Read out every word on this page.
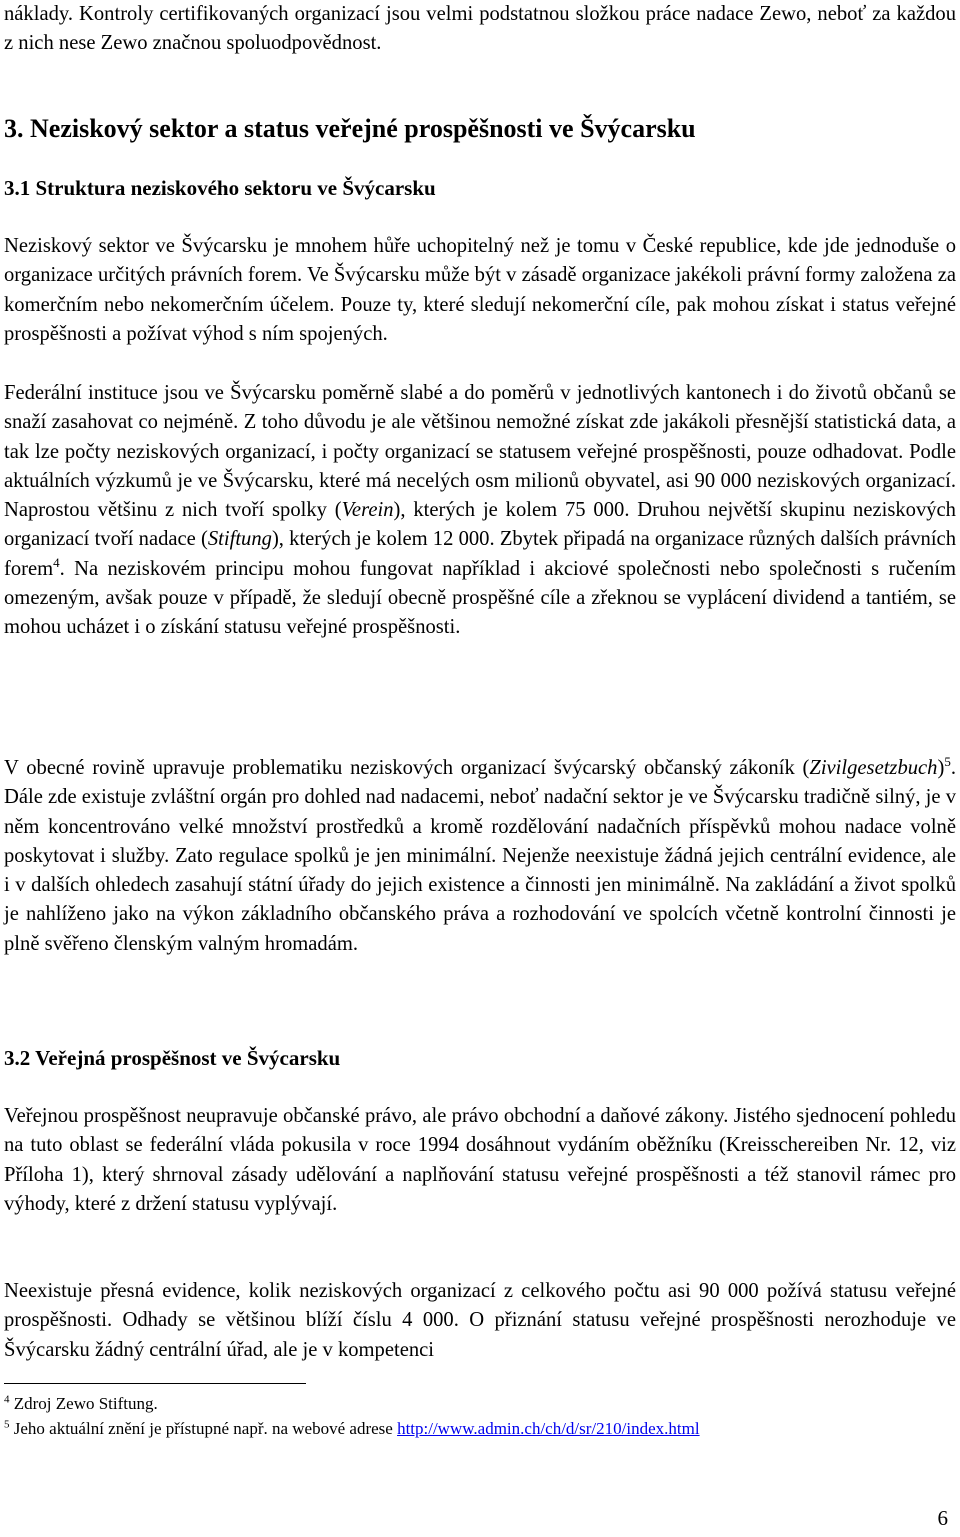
náklady. Kontroly certifikovaných organizací jsou velmi podstatnou složkou práce nadace Zewo, neboť za každou z nich nese Zewo značnou spoluodpovědnost.

3. Neziskový sektor a status veřejné prospěšnosti ve Švýcarsku
3.1 Struktura neziskového sektoru ve Švýcarsku

Neziskový sektor ve Švýcarsku je mnohem hůře uchopitelný než je tomu v České republice, kde jde jednoduše o organizace určitých právních forem. Ve Švýcarsku může být v zásadě organizace jakékoli právní formy založena za komerčním nebo nekomerčním účelem. Pouze ty, které sledují nekomerční cíle, pak mohou získat i status veřejné prospěšnosti a požívat výhod s ním spojených.

Federální instituce jsou ve Švýcarsku poměrně slabé a do poměrů v jednotlivých kantonech i do životů občanů se snaží zasahovat co nejméně. Z toho důvodu je ale většinou nemožné získat zde jakákoli přesnější statistická data, a tak lze počty neziskových organizací, i počty organizací se statusem veřejné prospěšnosti, pouze odhadovat. Podle aktuálních výzkumů je ve Švýcarsku, které má necelých osm milionů obyvatel, asi 90 000 neziskových organizací. Naprostou většinu z nich tvoří spolky (Verein), kterých je kolem 75 000. Druhou největší skupinu neziskových organizací tvoří nadace (Stiftung), kterých je kolem 12 000. Zbytek připadá na organizace různých dalších právních forem$^4$. Na neziskovém principu mohou fungovat například i akciové společnosti nebo společnosti s ručením omezeným, avšak pouze v případě, že sledují obecně prospěšné cíle a zřeknou se vyplácení dividend a tantiém, se mohou ucházet i o získání statusu veřejné prospěšnosti.

V obecné rovině upravuje problematiku neziskových organizací švýcarský občanský zákoník (Zivilgesetzbuch)$^5$. Dále zde existuje zvláštní orgán pro dohled nad nadacemi, neboť nadační sektor je ve Švýcarsku tradičně silný, je v něm koncentrováno velké množství prostředků a kromě rozdělování nadačních příspěvků mohou nadace volně poskytovat i služby. Zato regulace spolků je jen minimální. Nejenže neexistuje žádná jejich centrální evidence, ale i v dalších ohledech zasahují státní úřady do jejich existence a činnosti jen minimálně. Na zakládání a život spolků je nahlíženo jako na výkon základního občanského práva a rozhodování ve spolcích včetně kontrolní činnosti je plně svěřeno členským valným hromadám.

3.2 Veřejná prospěšnost ve Švýcarsku

Veřejnou prospěšnost neupravuje občanské právo, ale právo obchodní a daňové zákony. Jistého sjednocení pohledu na tuto oblast se federální vláda pokusila v roce 1994 dosáhnout vydáním oběžníku (Kreisschereiben Nr. 12, viz Příloha 1), který shrnoval zásady udělování a naplňování statusu veřejné prospěšnosti a též stanovil rámec pro výhody, které z držení statusu vyplývají.

Neexistuje přesná evidence, kolik neziskových organizací z celkového počtu asi 90 000 požívá statusu veřejné prospěšnosti. Odhady se většinou blíží číslu 4 000. O přiznání statusu veřejné prospěšnosti nerozhoduje ve Švýcarsku žádný centrální úřad, ale je v kompetenci

$^4$ Zdroj Zewo Stiftung.
$^5$ Jeho aktuální znění je přístupné např. na webové adrese http://www.admin.ch/ch/d/sr/210/index.html
6
